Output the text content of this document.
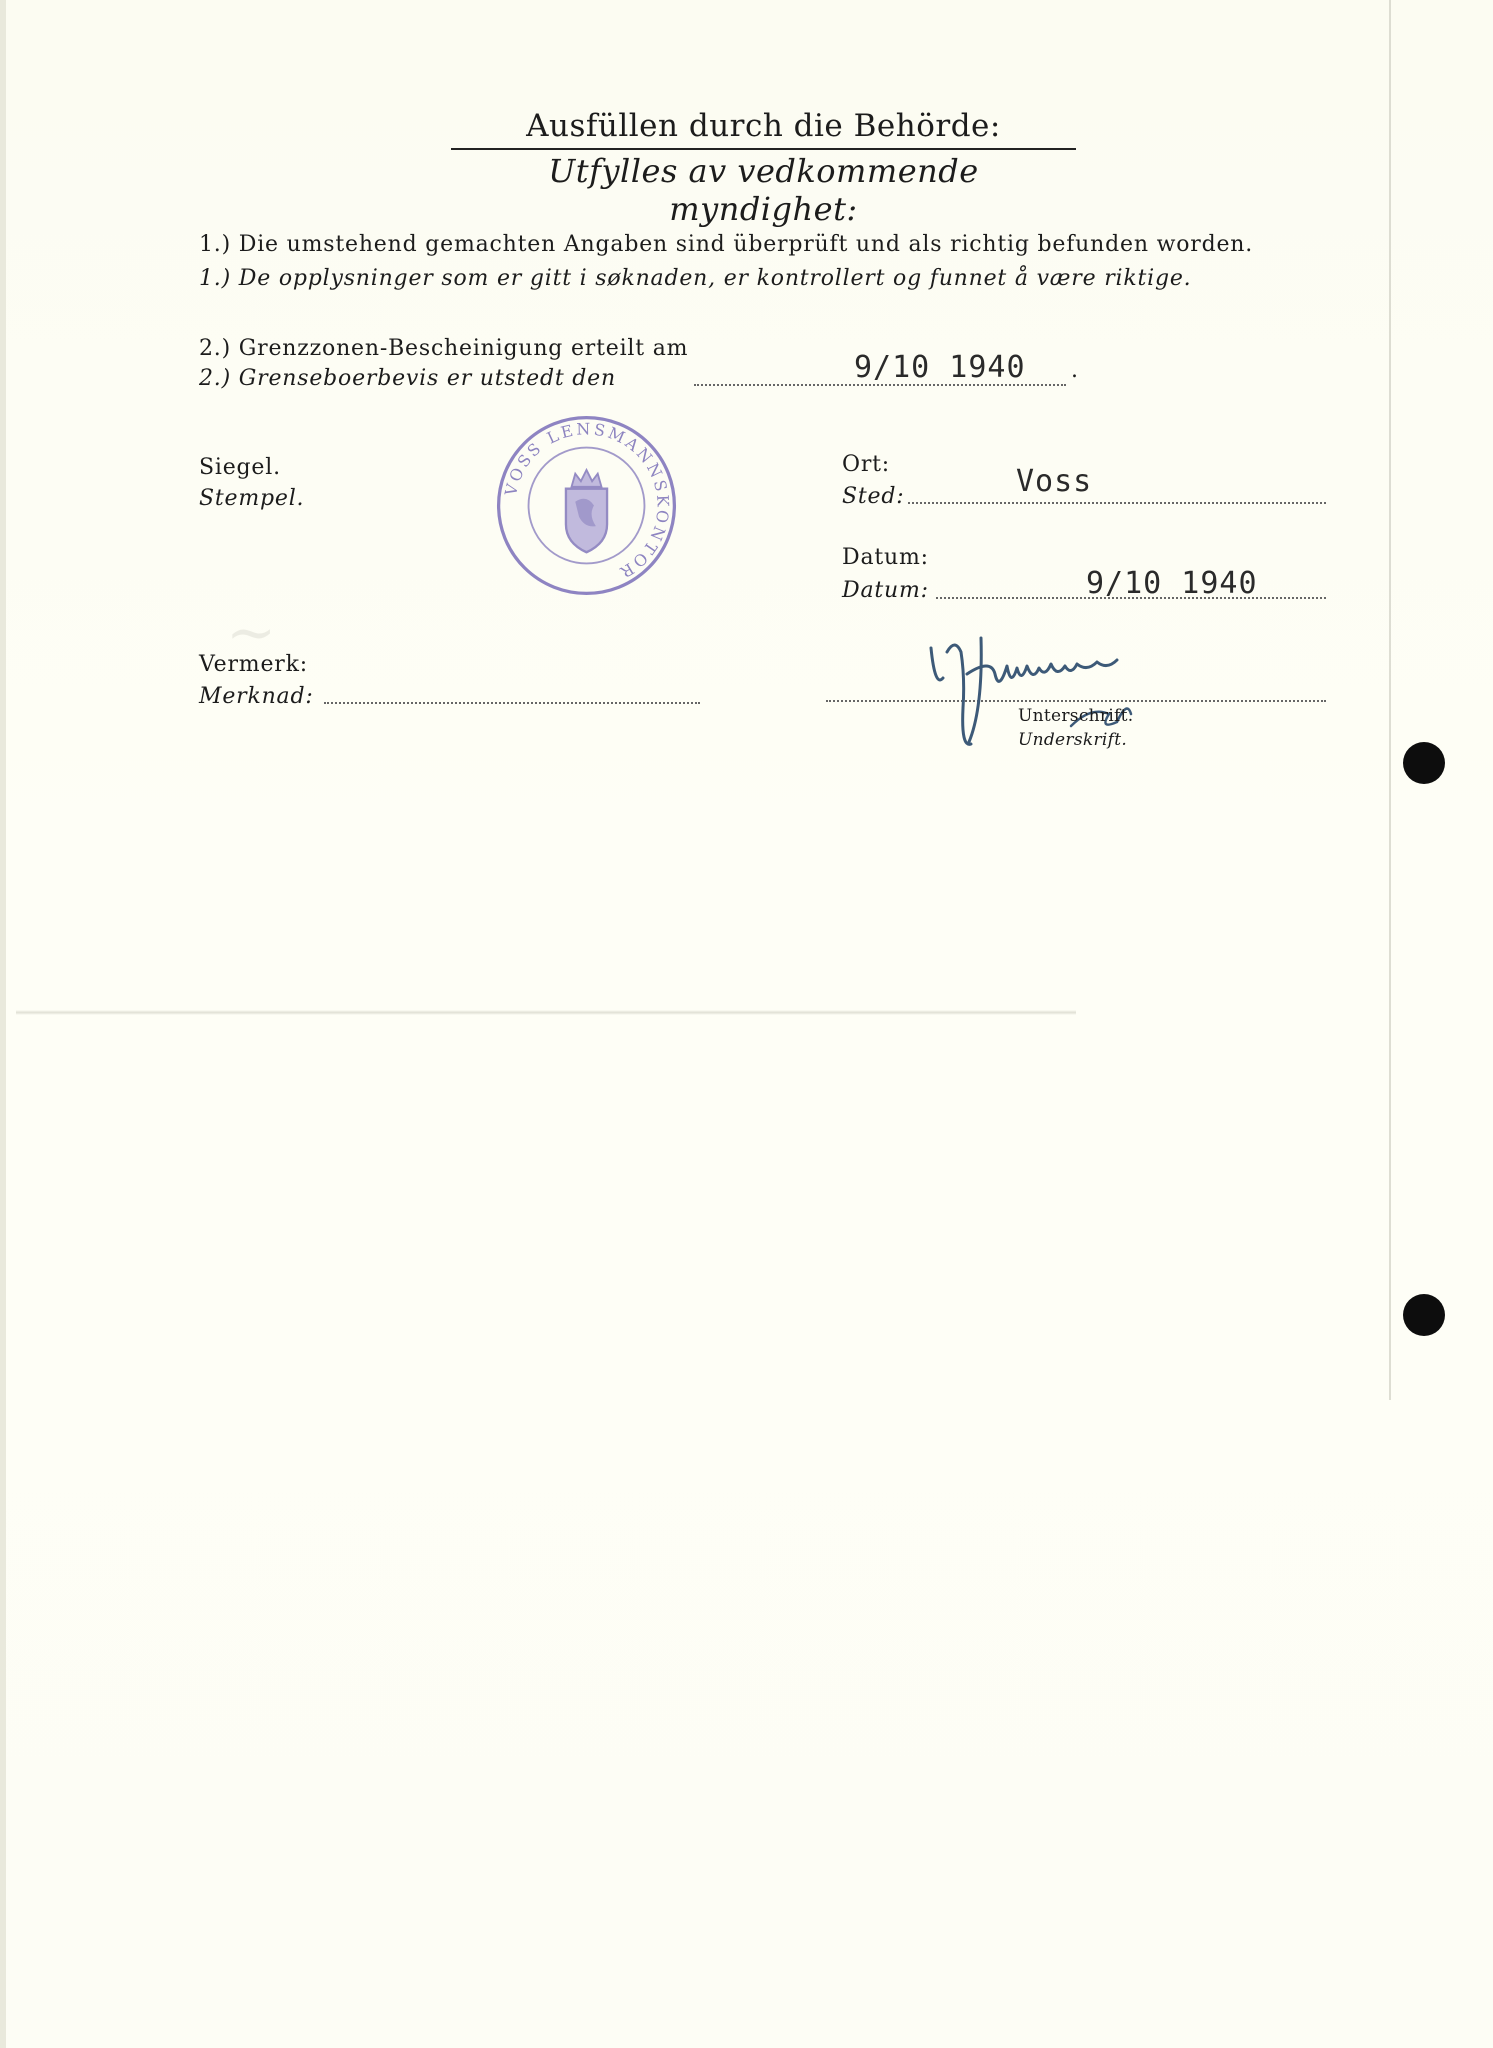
~
Ausfüllen durch die Behörde:
Utfylles av vedkommende myndighet:
1.) Die umstehend gemachten Angaben sind überprüft und als richtig befunden worden.
1.) De opplysninger som er gitt i søknaden, er kontrollert og funnet å være riktige.
2.) Grenzzonen-Bescheinigung erteilt am
2.) Grenseboerbevis er utstedt den	9/10 1940 .
Siegel.
Stempel.	VOSS LENSMANNSKONTOR
Ort:
Sted:	Voss
Datum:
Datum:	9/10 1940
Vermerk:
Merknad:
Unterschrift.
Underskrift.
